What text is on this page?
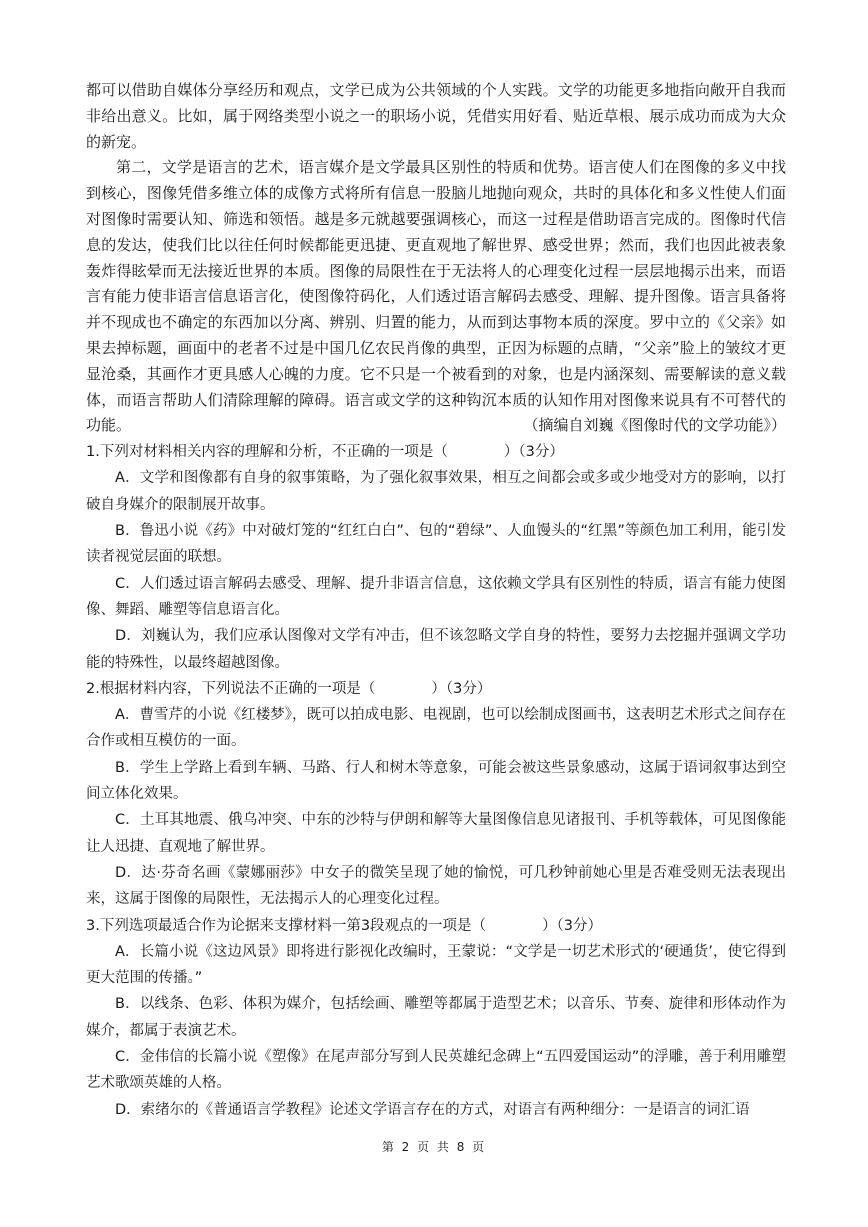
都可以借助自媒体分享经历和观点，文学已成为公共领域的个人实践。文学的功能更多地指向敞开自我而非给出意义。比如，属于网络类型小说之一的职场小说，凭借实用好看、贴近草根、展示成功而成为大众的新宠。

第二，文学是语言的艺术，语言媒介是文学最具区别性的特质和优势。语言使人们在图像的多义中找到核心，图像凭借多维立体的成像方式将所有信息一股脑儿地抛向观众，共时的具体化和多义性使人们面对图像时需要认知、筛选和领悟。越是多元就越要强调核心，而这一过程是借助语言完成的。图像时代信息的发达，使我们比以往任何时候都能更迅捷、更直观地了解世界、感受世界；然而，我们也因此被表象轰炸得眩晕而无法接近世界的本质。图像的局限性在于无法将人的心理变化过程一层层地揭示出来，而语言有能力使非语言信息语言化，使图像符码化，人们透过语言解码去感受、理解、提升图像。语言具备将并不现成也不确定的东西加以分离、辨别、归置的能力，从而到达事物本质的深度。罗中立的《父亲》如果去掉标题，画面中的老者不过是中国几亿农民肖像的典型，正因为标题的点睛，“父亲”脸上的皱纹才更显沧桑，其画作才更具感人心魄的力度。它不只是一个被看到的对象，也是内涵深刻、需要解读的意义载体，而语言帮助人们清除理解的障碍。语言或文学的这种钩沉本质的认知作用对图像来说具有不可替代的功能。	（摘编自刘巍《图像时代的文学功能》）

1.下列对材料相关内容的理解和分析，不正确的一项是（	）（3分）

A．文学和图像都有自身的叙事策略，为了强化叙事效果，相互之间都会或多或少地受对方的影响，以打破自身媒介的限制展开故事。

B．鲁迅小说《药》中对破灯笼的“红红白白”、包的“碧绿”、人血馒头的“红黑”等颜色加工利用，能引发读者视觉层面的联想。

C．人们透过语言解码去感受、理解、提升非语言信息，这依赖文学具有区别性的特质，语言有能力使图像、舞蹈、雕塑等信息语言化。

D．刘巍认为，我们应承认图像对文学有冲击，但不该忽略文学自身的特性，要努力去挖掘并强调文学功能的特殊性，以最终超越图像。

2.根据材料内容，下列说法不正确的一项是（	）（3分）

A．曹雪芹的小说《红楼梦》，既可以拍成电影、电视剧，也可以绘制成图画书，这表明艺术形式之间存在合作或相互模仿的一面。

B．学生上学路上看到车辆、马路、行人和树木等意象，可能会被这些景象感动，这属于语词叙事达到空间立体化效果。

C．土耳其地震、俄乌冲突、中东的沙特与伊朗和解等大量图像信息见诸报刊、手机等载体，可见图像能让人迅捷、直观地了解世界。

D．达·芬奇名画《蒙娜丽莎》中女子的微笑呈现了她的愉悦，可几秒钟前她心里是否难受则无法表现出来，这属于图像的局限性，无法揭示人的心理变化过程。

3.下列选项最适合作为论据来支撑材料一第3段观点的一项是（	）（3分）

A．长篇小说《这边风景》即将进行影视化改编时，王蒙说：“文学是一切艺术形式的‘硬通货’，使它得到更大范围的传播。”

B．以线条、色彩、体积为媒介，包括绘画、雕塑等都属于造型艺术；以音乐、节奏、旋律和形体动作为媒介，都属于表演艺术。

C．金伟信的长篇小说《塑像》在尾声部分写到人民英雄纪念碑上“五四爱国运动”的浮雕，善于利用雕塑艺术歌颂英雄的人格。

D．索绪尔的《普通语言学教程》论述文学语言存在的方式，对语言有两种细分：一是语言的词汇语

第 2 页 共 8 页
